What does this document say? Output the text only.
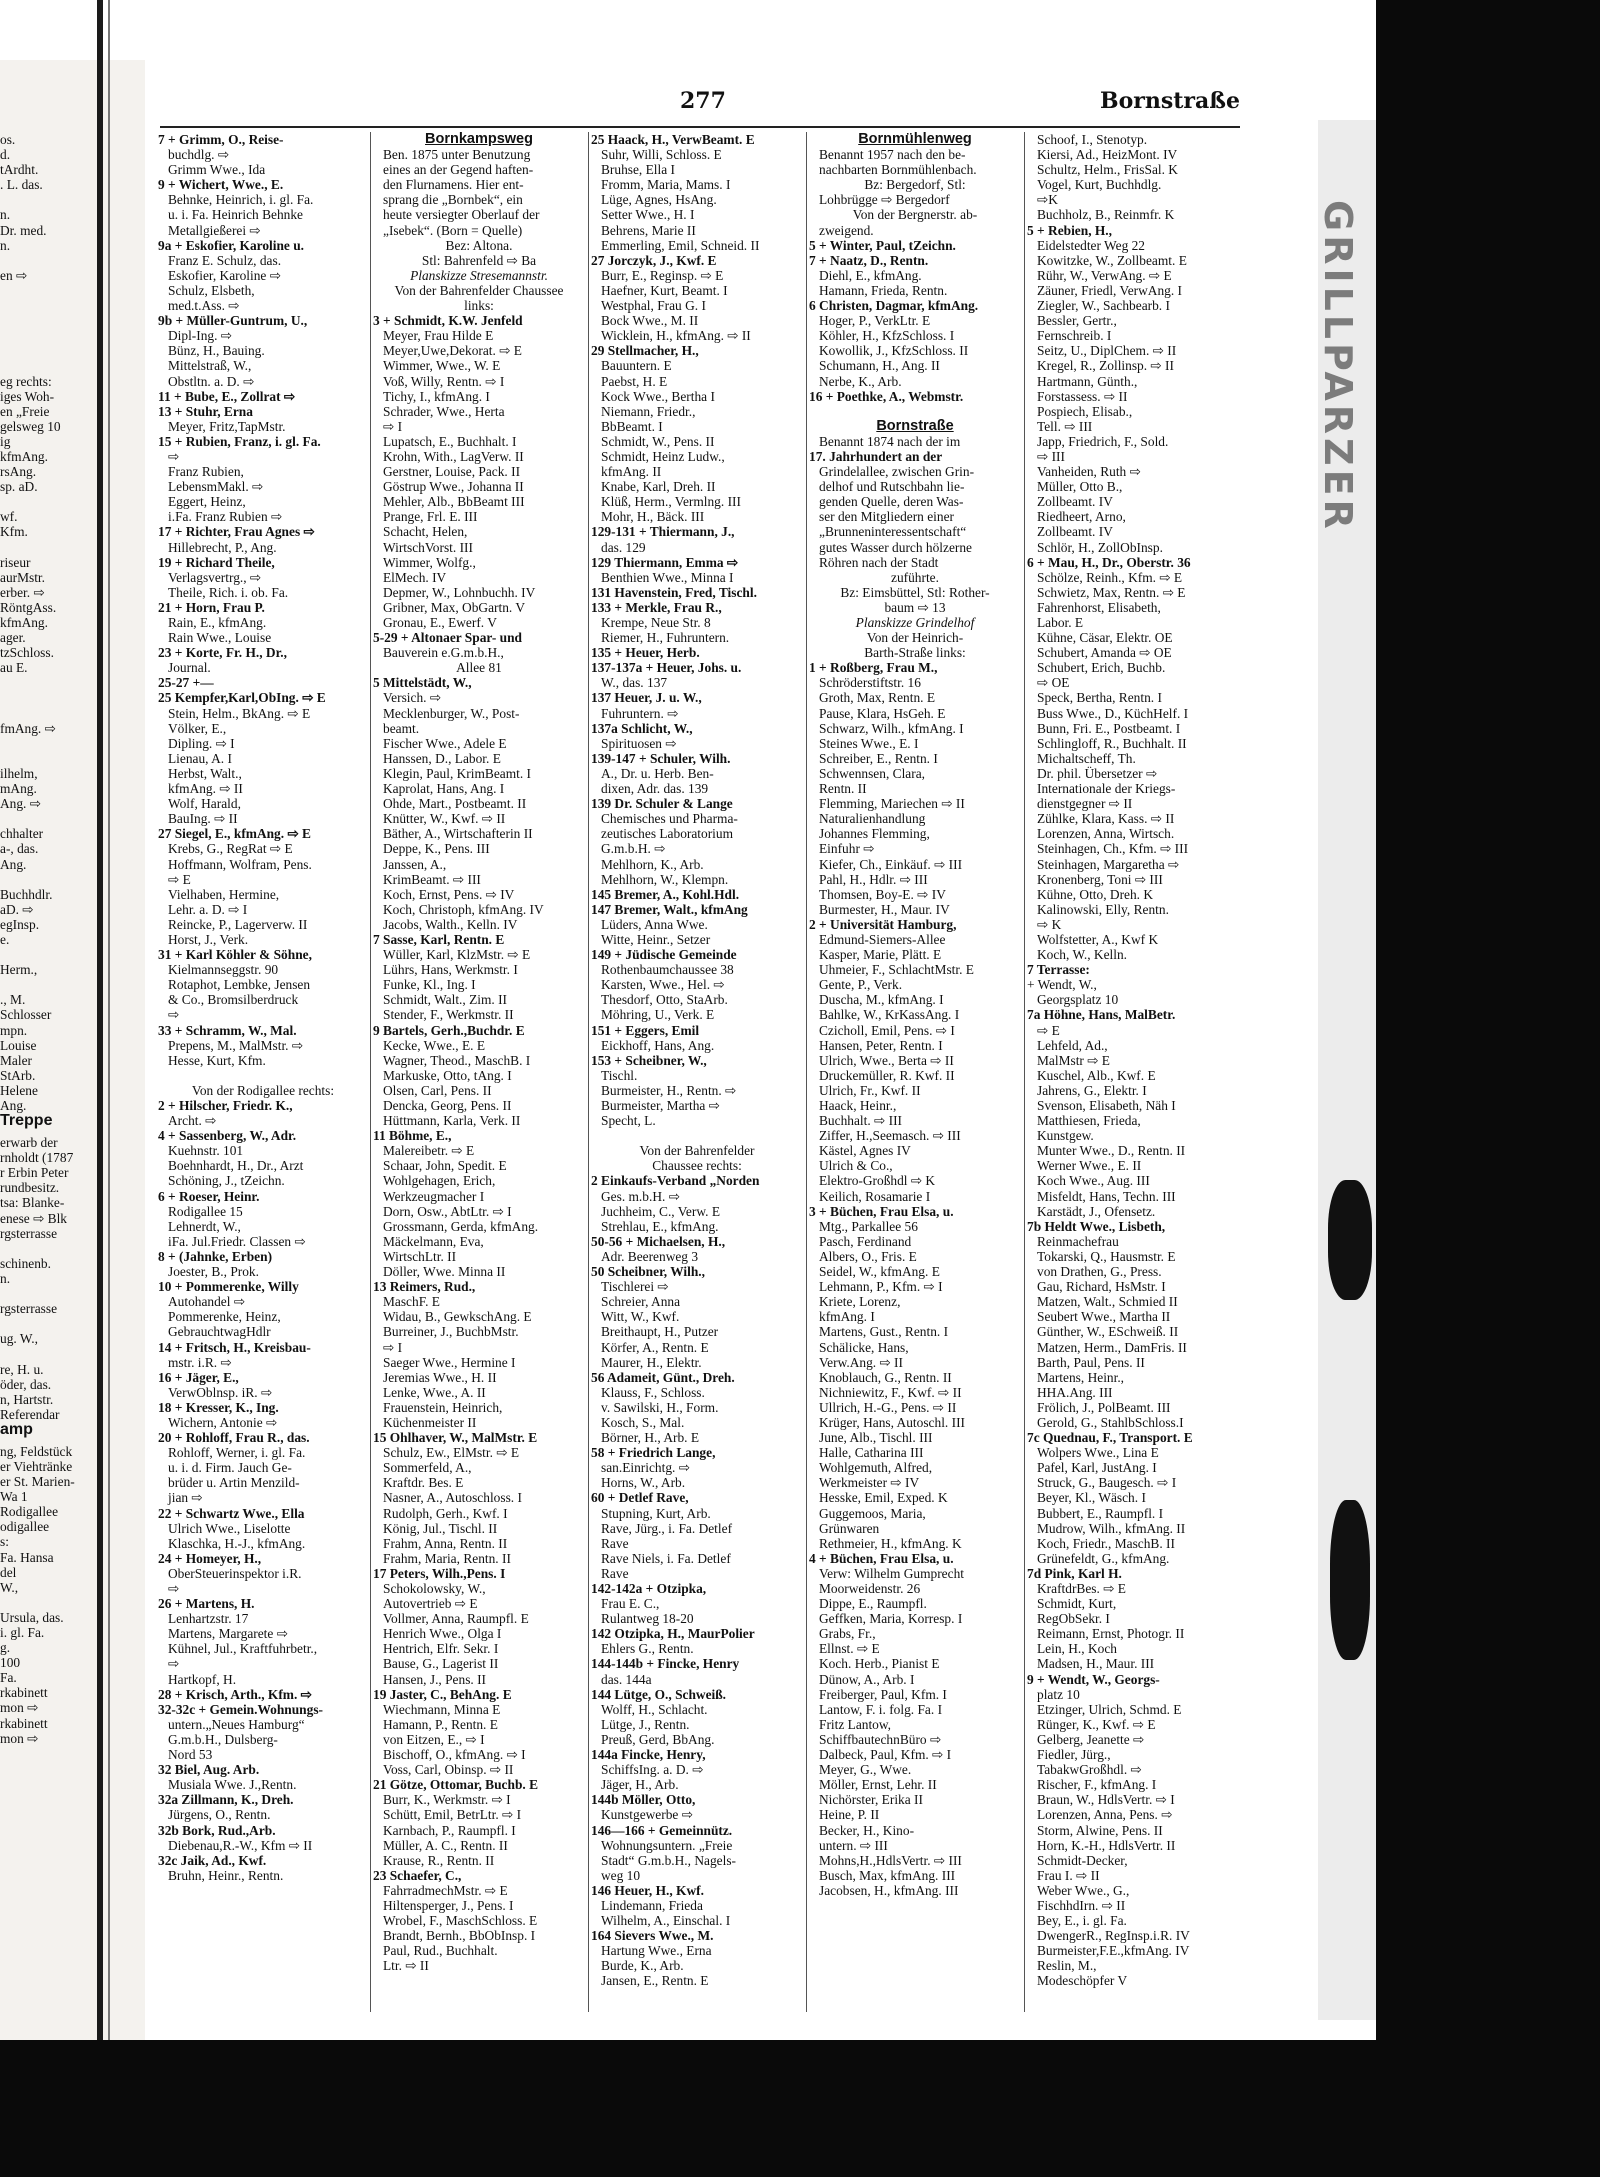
os.
d.
tArdht.
. L. das.
n.
Dr. med.
n.
en ⇨
eg rechts:
iges Woh-
en „Freie
gelsweg 10
ig
kfmAng.
rsAng.
sp. aD.
wf.
Kfm.
riseur
aurMstr.
erber. ⇨
RöntgAss.
kfmAng.
ager.
tzSchloss.
au E.
fmAng. ⇨
ilhelm,
mAng.
Ang. ⇨
chhalter
a-, das.
Ang.
Buchhdlr.
aD. ⇨
egInsp.
e.
Herm.,
., M.
Schlosser
mpn.
Louise
Maler
StArb.
Helene
Ang.
Treppe
erwarb der
rnholdt (1787
r Erbin Peter
rundbesitz.
tsa: Blanke-
enese ⇨ Blk
rgsterrasse
schinenb.
n.
rgsterrasse
ug. W.,
re, H. u.
öder, das.
n, Hartstr.
Referendar
amp
ng, Feldstück
er Viehtränke
er St. Marien-
Wa 1
Rodigallee
odigallee
s:
Fa. Hansa
del
W.,
Ursula, das.
i. gl. Fa.
g.
100
Fa.
rkabinett
mon ⇨
rkabinett
mon ⇨
277	Bornstraße
7 + Grimm, O., Reise-
buchdlg. ⇨
Grimm Wwe., Ida
9 + Wichert, Wwe., E.
Behnke, Heinrich, i. gl. Fa.
u. i. Fa. Heinrich Behnke
Metallgießerei ⇨
9a + Eskofier, Karoline u.
Franz E. Schulz, das.
Eskofier, Karoline ⇨
Schulz, Elsbeth,
med.t.Ass. ⇨
9b + Müller-Guntrum, U.,
Dipl-Ing. ⇨
Bünz, H., Bauing.
Mittelstraß, W.,
Obstltn. a. D. ⇨
11 + Bube, E., Zollrat ⇨
13 + Stuhr, Erna
Meyer, Fritz,TapMstr.
15 + Rubien, Franz, i. gl. Fa.
⇨
Franz Rubien,
LebensmMakl. ⇨
Eggert, Heinz,
i.Fa. Franz Rubien ⇨
17 + Richter, Frau Agnes ⇨
Hillebrecht, P., Ang.
19 + Richard Theile,
Verlagsvertrg., ⇨
Theile, Rich. i. ob. Fa.
21 + Horn, Frau P.
Rain, E., kfmAng.
Rain Wwe., Louise
23 + Korte, Fr. H., Dr.,
Journal.
25-27 +—
25 Kempfer,Karl,ObIng. ⇨ E
Stein, Helm., BkAng. ⇨ E
Völker, E.,
Dipling. ⇨ I
Lienau, A. I
Herbst, Walt.,
kfmAng. ⇨ II
Wolf, Harald,
BauIng. ⇨ II
27 Siegel, E., kfmAng. ⇨ E
Krebs, G., RegRat ⇨ E
Hoffmann, Wolfram, Pens.
⇨ E
Vielhaben, Hermine,
Lehr. a. D. ⇨ I
Reincke, P., Lagerverw. II
Horst, J., Verk.
31 + Karl Köhler & Söhne,
Kielmannseggstr. 90
Rotaphot, Lembke, Jensen
& Co., Bromsilberdruck
⇨
33 + Schramm, W., Mal.
Prepens, M., MalMstr. ⇨
Hesse, Kurt, Kfm.
Von der Rodigallee rechts:
2 + Hilscher, Friedr. K.,
Archt. ⇨
4 + Sassenberg, W., Adr.
Kuehnstr. 101
Boehnhardt, H., Dr., Arzt
Schöning, J., tZeichn.
6 + Roeser, Heinr.
Rodigallee 15
Lehnerdt, W.,
iFa. Jul.Friedr. Classen ⇨
8 + (Jahnke, Erben)
Joester, B., Prok.
10 + Pommerenke, Willy
Autohandel ⇨
Pommerenke, Heinz,
GebrauchtwagHdlr
14 + Fritsch, H., Kreisbau-
mstr. i.R. ⇨
16 + Jäger, E.,
VerwOblnsp. iR. ⇨
18 + Kresser, K., Ing.
Wichern, Antonie ⇨
20 + Rohloff, Frau R., das.
Rohloff, Werner, i. gl. Fa.
u. i. d. Firm. Jauch Ge-
brüder u. Artin Menzild-
jian ⇨
22 + Schwartz Wwe., Ella
Ulrich Wwe., Liselotte
Klaschka, H.-J., kfmAng.
24 + Homeyer, H.,
OberSteuerinspektor i.R.
⇨
26 + Martens, H.
Lenhartzstr. 17
Martens, Margarete ⇨
Kühnel, Jul., Kraftfuhrbetr.,
⇨
Hartkopf, H.
28 + Krisch, Arth., Kfm. ⇨
32-32c + Gemein.Wohnungs-
untern.„Neues Hamburg“
G.m.b.H., Dulsberg-
Nord 53
32 Biel, Aug. Arb.
Musiala Wwe. J.,Rentn.
32a Zillmann, K., Dreh.
Jürgens, O., Rentn.
32b Bork, Rud.,Arb.
Diebenau,R.-W., Kfm ⇨ II
32c Jaik, Ad., Kwf.
Bruhn, Heinr., Rentn.
Bornkampsweg
Ben. 1875 unter Benutzung
eines an der Gegend haften-
den Flurnamens. Hier ent-
sprang die „Bornbek“, ein
heute versiegter Oberlauf der
„Isebek“. (Born = Quelle)
Bez: Altona.
Stl: Bahrenfeld ⇨ Ba
Planskizze Stresemannstr.
Von der Bahrenfelder Chaussee
links:
3 + Schmidt, K.W. Jenfeld
Meyer, Frau Hilde E
Meyer,Uwe,Dekorat. ⇨ E
Wimmer, Wwe., W. E
Voß, Willy, Rentn. ⇨ I
Tichy, I., kfmAng. I
Schrader, Wwe., Herta
⇨ I
Lupatsch, E., Buchhalt. I
Krohn, With., LagVerw. II
Gerstner, Louise, Pack. II
Göstrup Wwe., Johanna II
Mehler, Alb., BbBeamt III
Prange, Frl. E. III
Schacht, Helen,
WirtschVorst. III
Wimmer, Wolfg.,
ElMech. IV
Depmer, W., Lohnbuchh. IV
Gribner, Max, ObGartn. V
Gronau, E., Ewerf. V
5-29 + Altonaer Spar- und
Bauverein e.G.m.b.H.,
Allee 81
5 Mittelstädt, W.,
Versich. ⇨
Mecklenburger, W., Post-
beamt.
Fischer Wwe., Adele E
Hanssen, D., Labor. E
Klegin, Paul, KrimBeamt. I
Kaprolat, Hans, Ang. I
Ohde, Mart., Postbeamt. II
Knütter, W., Kwf. ⇨ II
Bäther, A., Wirtschafterin II
Deppe, K., Pens. III
Janssen, A.,
KrimBeamt. ⇨ III
Koch, Ernst, Pens. ⇨ IV
Koch, Christoph, kfmAng. IV
Jacobs, Walth., Kelln. IV
7 Sasse, Karl, Rentn. E
Wüller, Karl, KlzMstr. ⇨ E
Lührs, Hans, Werkmstr. I
Funke, Kl., Ing. I
Schmidt, Walt., Zim. II
Stender, F., Werkmstr. II
9 Bartels, Gerh.,Buchdr. E
Kecke, Wwe., E. E
Wagner, Theod., MaschB. I
Markuske, Otto, tAng. I
Olsen, Carl, Pens. II
Dencka, Georg, Pens. II
Hüttmann, Karla, Verk. II
11 Böhme, E.,
Malereibetr. ⇨ E
Schaar, John, Spedit. E
Wohlgehagen, Erich,
Werkzeugmacher I
Dorn, Osw., AbtLtr. ⇨ I
Grossmann, Gerda, kfmAng.
Mäckelmann, Eva,
WirtschLtr. II
Döller, Wwe. Minna II
13 Reimers, Rud.,
MaschF. E
Widau, B., GewkschAng. E
Burreiner, J., BuchbMstr.
⇨ I
Saeger Wwe., Hermine I
Jeremias Wwe., H. II
Lenke, Wwe., A. II
Frauenstein, Heinrich,
Küchenmeister II
15 Ohlhaver, W., MalMstr. E
Schulz, Ew., ElMstr. ⇨ E
Sommerfeld, A.,
Kraftdr. Bes. E
Nasner, A., Autoschloss. I
Rudolph, Gerh., Kwf. I
König, Jul., Tischl. II
Frahm, Anna, Rentn. II
Frahm, Maria, Rentn. II
17 Peters, Wilh.,Pens. I
Schokolowsky, W.,
Autovertrieb ⇨ E
Vollmer, Anna, Raumpfl. E
Henrich Wwe., Olga I
Hentrich, Elfr. Sekr. I
Bause, G., Lagerist II
Hansen, J., Pens. II
19 Jaster, C., BehAng. E
Wiechmann, Minna E
Hamann, P., Rentn. E
von Eitzen, E., ⇨ I
Bischoff, O., kfmAng. ⇨ I
Voss, Carl, Obinsp. ⇨ II
21 Götze, Ottomar, Buchb. E
Burr, K., Werkmstr. ⇨ I
Schütt, Emil, BetrLtr. ⇨ I
Karnbach, P., Raumpfl. I
Müller, A. C., Rentn. II
Krause, R., Rentn. II
23 Schaefer, C.,
FahrradmechMstr. ⇨ E
Hiltensperger, J., Pens. I
Wrobel, F., MaschSchloss. E
Brandt, Bernh., BbObInsp. I
Paul, Rud., Buchhalt.
Ltr. ⇨ II
25 Haack, H., VerwBeamt. E
Suhr, Willi, Schloss. E
Bruhse, Ella I
Fromm, Maria, Mams. I
Lüge, Agnes, HsAng.
Setter Wwe., H. I
Behrens, Marie II
Emmerling, Emil, Schneid. II
27 Jorczyk, J., Kwf. E
Burr, E., Reginsp. ⇨ E
Haefner, Kurt, Beamt. I
Westphal, Frau G. I
Bock Wwe., M. II
Wicklein, H., kfmAng. ⇨ II
29 Stellmacher, H.,
Bauuntern. E
Paebst, H. E
Kock Wwe., Bertha I
Niemann, Friedr.,
BbBeamt. I
Schmidt, W., Pens. II
Schmidt, Heinz Ludw.,
kfmAng. II
Knabe, Karl, Dreh. II
Klüß, Herm., Vermlng. III
Mohr, H., Bäck. III
129-131 + Thiermann, J.,
das. 129
129 Thiermann, Emma ⇨
Benthien Wwe., Minna I
131 Havenstein, Fred, Tischl.
133 + Merkle, Frau R.,
Krempe, Neue Str. 8
Riemer, H., Fuhruntern.
135 + Heuer, Herb.
137-137a + Heuer, Johs. u.
W., das. 137
137 Heuer, J. u. W.,
Fuhruntern. ⇨
137a Schlicht, W.,
Spirituosen ⇨
139-147 + Schuler, Wilh.
A., Dr. u. Herb. Ben-
dixen, Adr. das. 139
139 Dr. Schuler & Lange
Chemisches und Pharma-
zeutisches Laboratorium
G.m.b.H. ⇨
Mehlhorn, K., Arb.
Mehlhorn, W., Klempn.
145 Bremer, A., Kohl.Hdl.
147 Bremer, Walt., kfmAng
Lüders, Anna Wwe.
Witte, Heinr., Setzer
149 + Jüdische Gemeinde
Rothenbaumchaussee 38
Karsten, Wwe., Hel. ⇨
Thesdorf, Otto, StaArb.
Möhring, U., Verk. E
151 + Eggers, Emil
Eickhoff, Hans, Ang.
153 + Scheibner, W.,
Tischl.
Burmeister, H., Rentn. ⇨
Burmeister, Martha ⇨
Specht, L.
Von der Bahrenfelder
Chaussee rechts:
2 Einkaufs-Verband „Norden
Ges. m.b.H. ⇨
Juchheim, C., Verw. E
Strehlau, E., kfmAng.
50-56 + Michaelsen, H.,
Adr. Beerenweg 3
50 Scheibner, Wilh.,
Tischlerei ⇨
Schreier, Anna
Witt, W., Kwf.
Breithaupt, H., Putzer
Körfer, A., Rentn. E
Maurer, H., Elektr.
56 Adameit, Günt., Dreh.
Klauss, F., Schloss.
v. Sawilski, H., Form.
Kosch, S., Mal.
Börner, H., Arb. E
58 + Friedrich Lange,
san.Einrichtg. ⇨
Horns, W., Arb.
60 + Detlef Rave,
Stupning, Kurt, Arb.
Rave, Jürg., i. Fa. Detlef
Rave
Rave Niels, i. Fa. Detlef
Rave
142-142a + Otzipka,
Frau E. C.,
Rulantweg 18-20
142 Otzipka, H., MaurPolier
Ehlers G., Rentn.
144-144b + Fincke, Henry
das. 144a
144 Lütge, O., Schweiß.
Wolff, H., Schlacht.
Lütge, J., Rentn.
Preuß, Gerd, BbAng.
144a Fincke, Henry,
SchiffsIng. a. D. ⇨
Jäger, H., Arb.
144b Möller, Otto,
Kunstgewerbe ⇨
146—166 + Gemeinnütz.
Wohnungsuntern. „Freie
Stadt“ G.m.b.H., Nagels-
weg 10
146 Heuer, H., Kwf.
Lindemann, Frieda
Wilhelm, A., Einschal. I
164 Sievers Wwe., M.
Hartung Wwe., Erna
Burde, K., Arb.
Jansen, E., Rentn. E
Bornmühlenweg
Benannt 1957 nach den be-
nachbarten Bornmühlenbach.
Bz: Bergedorf, Stl:
Lohbrügge ⇨ Bergedorf
Von der Bergnerstr. ab-
zweigend.
5 + Winter, Paul, tZeichn.
7 + Naatz, D., Rentn.
Diehl, E., kfmAng.
Hamann, Frieda, Rentn.
6 Christen, Dagmar, kfmAng.
Hoger, P., VerkLtr. E
Köhler, H., KfzSchloss. I
Kowollik, J., KfzSchloss. II
Schumann, H., Ang. II
Nerbe, K., Arb.
16 + Poethke, A., Webmstr.
Bornstraße
Benannt 1874 nach der im
17. Jahrhundert an der
Grindelallee, zwischen Grin-
delhof und Rutschbahn lie-
genden Quelle, deren Was-
ser den Mitgliedern einer
„Brunneninteressentschaft“
gutes Wasser durch hölzerne
Röhren nach der Stadt
zuführte.
Bz: Eimsbüttel, Stl: Rother-
baum ⇨ 13
Planskizze Grindelhof
Von der Heinrich-
Barth-Straße links:
1 + Roßberg, Frau M.,
Schröderstiftstr. 16
Groth, Max, Rentn. E
Pause, Klara, HsGeh. E
Schwarz, Wilh., kfmAng. I
Steines Wwe., E. I
Schreiber, E., Rentn. I
Schwennsen, Clara,
Rentn. II
Flemming, Mariechen ⇨ II
Naturalienhandlung
Johannes Flemming,
Einfuhr ⇨
Kiefer, Ch., Einkäuf. ⇨ III
Pahl, H., Hdlr. ⇨ III
Thomsen, Boy-E. ⇨ IV
Burmester, H., Maur. IV
2 + Universität Hamburg,
Edmund-Siemers-Allee
Kasper, Marie, Plätt. E
Uhmeier, F., SchlachtMstr. E
Gente, P., Verk.
Duscha, M., kfmAng. I
Bahlke, W., KrKassAng. I
Czicholl, Emil, Pens. ⇨ I
Hansen, Peter, Rentn. I
Ulrich, Wwe., Berta ⇨ II
Druckemüller, R. Kwf. II
Ulrich, Fr., Kwf. II
Haack, Heinr.,
Buchhalt. ⇨ III
Ziffer, H.,Seemasch. ⇨ III
Kästel, Agnes IV
Ulrich & Co.,
Elektro-Großhdl ⇨ K
Keilich, Rosamarie I
3 + Büchen, Frau Elsa, u.
Mtg., Parkallee 56
Pasch, Ferdinand
Albers, O., Fris. E
Seidel, W., kfmAng. E
Lehmann, P., Kfm. ⇨ I
Kriete, Lorenz,
kfmAng. I
Martens, Gust., Rentn. I
Schälicke, Hans,
Verw.Ang. ⇨ II
Knoblauch, G., Rentn. II
Nichniewitz, F., Kwf. ⇨ II
Ullrich, H.-G., Pens. ⇨ II
Krüger, Hans, Autoschl. III
June, Alb., Tischl. III
Halle, Catharina III
Wohlgemuth, Alfred,
Werkmeister ⇨ IV
Hesske, Emil, Exped. K
Guggemoos, Maria,
Grünwaren
Rethmeier, H., kfmAng. K
4 + Büchen, Frau Elsa, u.
Verw: Wilhelm Gumprecht
Moorweidenstr. 26
Dippe, E., Raumpfl.
Geffken, Maria, Korresp. I
Grabs, Fr.,
Ellnst. ⇨ E
Koch. Herb., Pianist E
Dünow, A., Arb. I
Freiberger, Paul, Kfm. I
Lantow, F. i. folg. Fa. I
Fritz Lantow,
SchiffbautechnBüro ⇨
Dalbeck, Paul, Kfm. ⇨ I
Meyer, G., Wwe.
Möller, Ernst, Lehr. II
Nichörster, Erika II
Heine, P. II
Becker, H., Kino-
untern. ⇨ III
Mohns,H.,HdlsVertr. ⇨ III
Busch, Max, kfmAng. III
Jacobsen, H., kfmAng. III
Schoof, I., Stenotyp.
Kiersi, Ad., HeizMont. IV
Schultz, Helm., FrisSal. K
Vogel, Kurt, Buchhdlg.
⇨K
Buchholz, B., Reinmfr. K
5 + Rebien, H.,
Eidelstedter Weg 22
Kowitzke, W., Zollbeamt. E
Rühr, W., VerwAng. ⇨ E
Zäuner, Friedl, VerwAng. I
Ziegler, W., Sachbearb. I
Bessler, Gertr.,
Fernschreib. I
Seitz, U., DiplChem. ⇨ II
Kregel, R., Zollinsp. ⇨ II
Hartmann, Günth.,
Forstassess. ⇨ II
Pospiech, Elisab.,
Tell. ⇨ III
Japp, Friedrich, F., Sold.
⇨ III
Vanheiden, Ruth ⇨
Müller, Otto B.,
Zollbeamt. IV
Riedheert, Arno,
Zollbeamt. IV
Schlör, H., ZollObInsp.
6 + Mau, H., Dr., Oberstr. 36
Schölze, Reinh., Kfm. ⇨ E
Schwietz, Max, Rentn. ⇨ E
Fahrenhorst, Elisabeth,
Labor. E
Kühne, Cäsar, Elektr. OE
Schubert, Amanda ⇨ OE
Schubert, Erich, Buchb.
⇨ OE
Speck, Bertha, Rentn. I
Buss Wwe., D., KüchHelf. I
Bunn, Fri. E., Postbeamt. I
Schlingloff, R., Buchhalt. II
Michaltscheff, Th.
Dr. phil. Übersetzer ⇨
Internationale der Kriegs-
dienstgegner ⇨ II
Zühlke, Klara, Kass. ⇨ II
Lorenzen, Anna, Wirtsch.
Steinhagen, Ch., Kfm. ⇨ III
Steinhagen, Margaretha ⇨
Kronenberg, Toni ⇨ III
Kühne, Otto, Dreh. K
Kalinowski, Elly, Rentn.
⇨ K
Wolfstetter, A., Kwf K
Koch, W., Kelln.
7 Terrasse:
+ Wendt, W.,
Georgsplatz 10
7a Höhne, Hans, MalBetr.
⇨ E
Lehfeld, Ad.,
MalMstr ⇨ E
Kuschel, Alb., Kwf. E
Jahrens, G., Elektr. I
Svenson, Elisabeth, Näh I
Matthiesen, Frieda,
Kunstgew.
Munter Wwe., D., Rentn. II
Werner Wwe., E. II
Koch Wwe., Aug. III
Misfeldt, Hans, Techn. III
Karstädt, J., Ofensetz.
7b Heldt Wwe., Lisbeth,
Reinmachefrau
Tokarski, Q., Hausmstr. E
von Drathen, G., Press.
Gau, Richard, HsMstr. I
Matzen, Walt., Schmied II
Seubert Wwe., Martha II
Günther, W., ESchweiß. II
Matzen, Herm., DamFris. II
Barth, Paul, Pens. II
Martens, Heinr.,
HHA.Ang. III
Frölich, J., PolBeamt. III
Gerold, G., StahlbSchloss.I
7c Quednau, F., Transport. E
Wolpers Wwe., Lina E
Pafel, Karl, JustAng. I
Struck, G., Baugesch. ⇨ I
Beyer, Kl., Wäsch. I
Bubbert, E., Raumpfl. I
Mudrow, Wilh., kfmAng. II
Koch, Friedr., MaschB. II
Grünefeldt, G., kfmAng.
7d Pink, Karl H.
KraftdrBes. ⇨ E
Schmidt, Kurt,
RegObSekr. I
Reimann, Ernst, Photogr. II
Lein, H., Koch
Madsen, H., Maur. III
9 + Wendt, W., Georgs-
platz 10
Etzinger, Ulrich, Schmd. E
Rünger, K., Kwf. ⇨ E
Gelberg, Jeanette ⇨
Fiedler, Jürg.,
TabakwGroßhdl. ⇨
Rischer, F., kfmAng. I
Braun, W., HdlsVertr. ⇨ I
Lorenzen, Anna, Pens. ⇨
Storm, Alwine, Pens. II
Horn, K.-H., HdlsVertr. II
Schmidt-Decker,
Frau I. ⇨ II
Weber Wwe., G.,
FischhdIrn. ⇨ II
Bey, E., i. gl. Fa.
DwengerR., RegInsp.i.R. IV
Burmeister,F.E.,kfmAng. IV
Reslin, M.,
Modeschöpfer V
GRILLPARZER
